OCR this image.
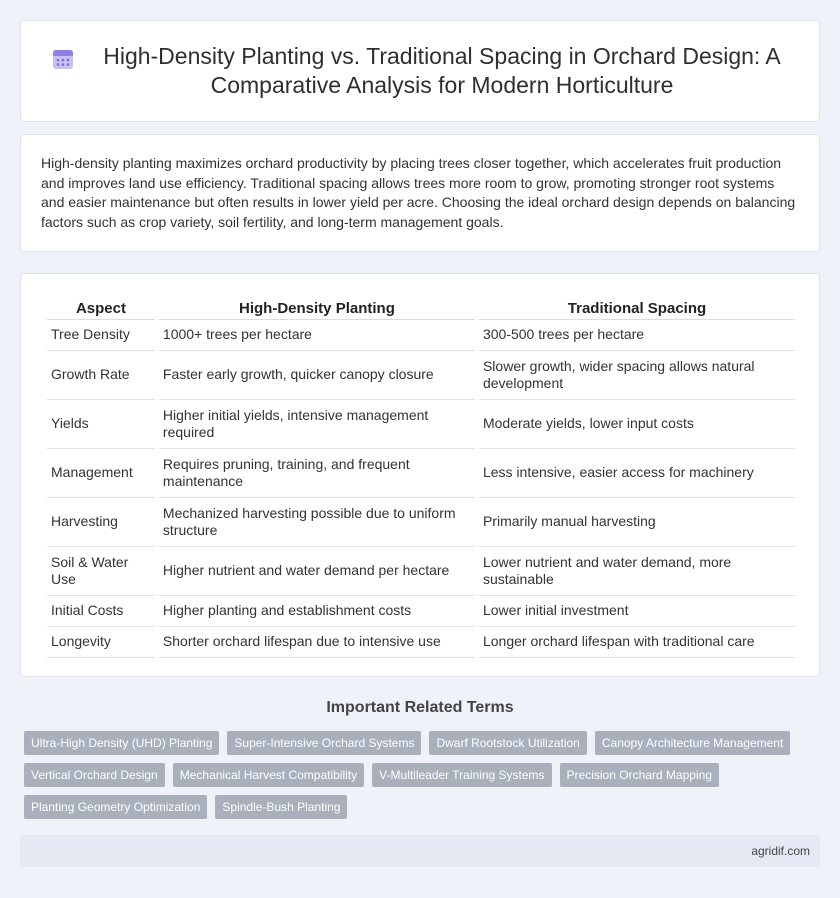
High-Density Planting vs. Traditional Spacing in Orchard Design: A Comparative Analysis for Modern Horticulture

High-density planting maximizes orchard productivity by placing trees closer together, which accelerates fruit production and improves land use efficiency. Traditional spacing allows trees more room to grow, promoting stronger root systems and easier maintenance but often results in lower yield per acre. Choosing the ideal orchard design depends on balancing factors such as crop variety, soil fertility, and long-term management goals.

Aspect	High-Density Planting	Traditional Spacing
Tree Density	1000+ trees per hectare	300-500 trees per hectare
Growth Rate	Faster early growth, quicker canopy closure	Slower growth, wider spacing allows natural development
Yields	Higher initial yields, intensive management required	Moderate yields, lower input costs
Management	Requires pruning, training, and frequent maintenance	Less intensive, easier access for machinery
Harvesting	Mechanized harvesting possible due to uniform structure	Primarily manual harvesting
Soil & Water Use	Higher nutrient and water demand per hectare	Lower nutrient and water demand, more sustainable
Initial Costs	Higher planting and establishment costs	Lower initial investment
Longevity	Shorter orchard lifespan due to intensive use	Longer orchard lifespan with traditional care
Important Related Terms
Ultra-High Density (UHD) Planting	Super-Intensive Orchard Systems	Dwarf Rootstock Utilization	Canopy Architecture Management
Vertical Orchard Design	Mechanical Harvest Compatibility	V-Multileader Training Systems	Precision Orchard Mapping
Planting Geometry Optimization	Spindle-Bush Planting
agridif.com
